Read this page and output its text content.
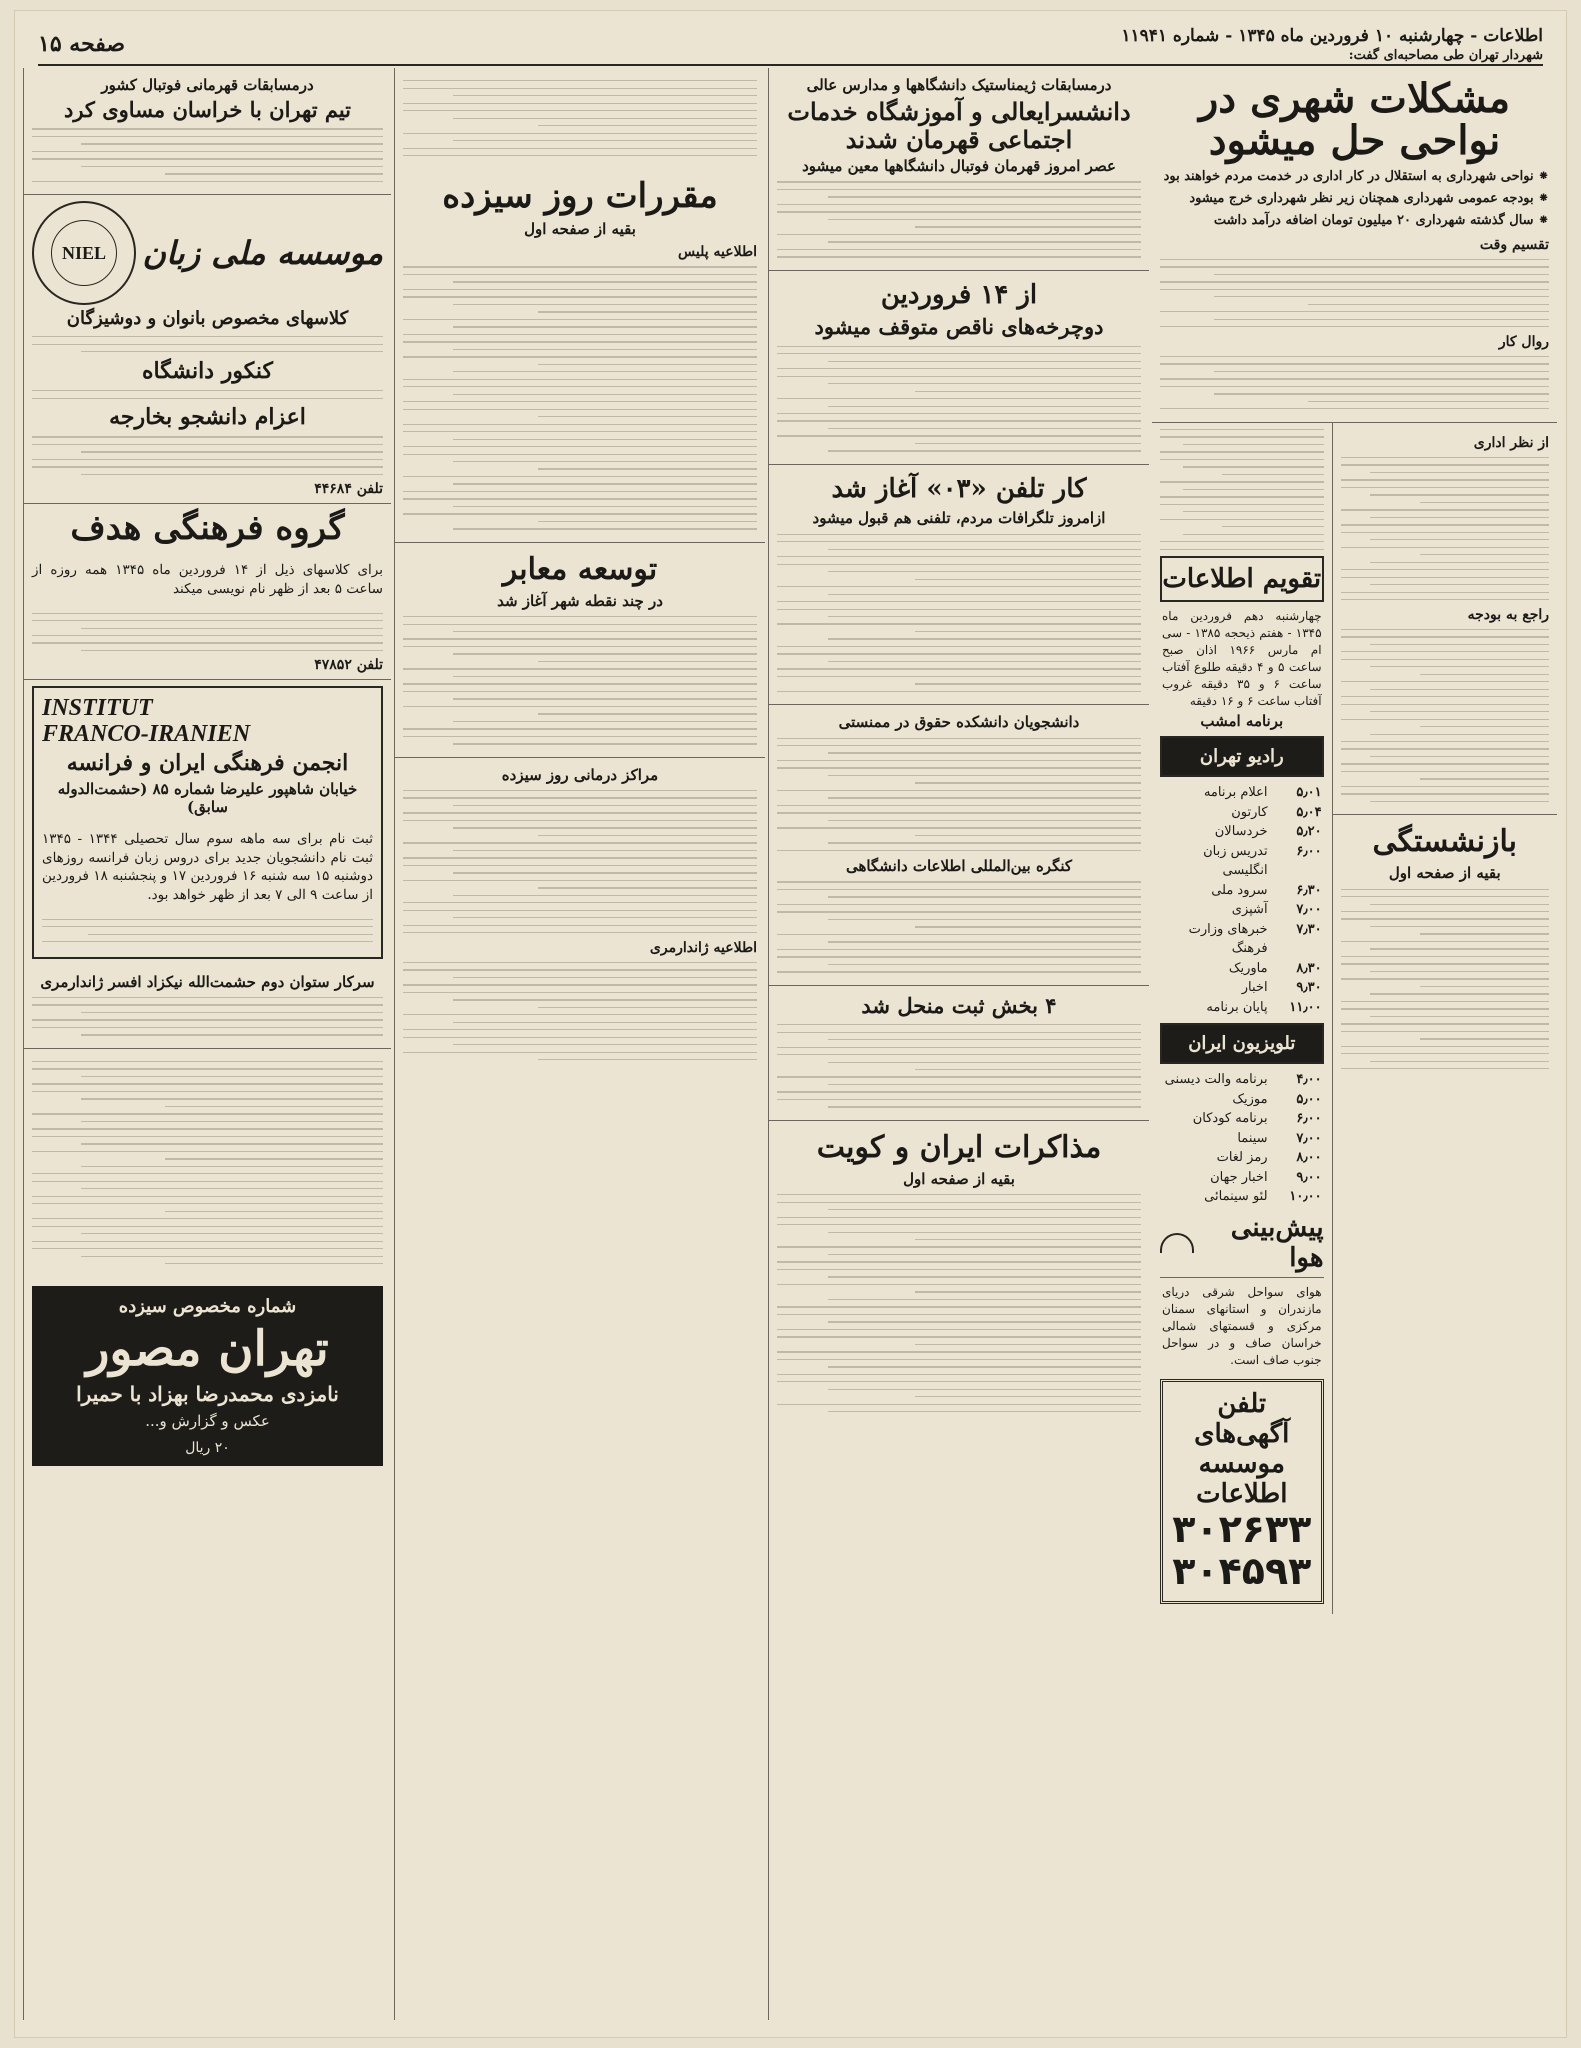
اطلاعات - چهارشنبه ۱۰ فروردین ماه ۱۳۴۵ - شماره ۱۱۹۴۱
شهردار تهران طی مصاحبه‌ای گفت:
صفحه ۱۵
مشکلات شهری در نواحی حل میشود
⁕ نواحی شهرداری به استقلال در کار اداری در خدمت مردم خواهند بود
⁕ بودجه عمومی شهرداری همچنان زیر نظر شهرداری خرج میشود
⁕ سال گذشته شهرداری ۲۰ میلیون تومان اضافه درآمد داشت
تقسیم وقت
روال کار
از نظر اداری
راجع به بودجه
بازنشستگی
بقیه از صفحه اول
تقویم اطلاعات

چهارشنبه دهم فروردین ماه ۱۳۴۵ - هفتم ذیحجه ۱۳۸۵ - سی ام مارس ۱۹۶۶ اذان صبح ساعت ۵ و ۴ دقیقه طلوع آفتاب ساعت ۶ و ۳۵ دقیقه غروب آفتاب ساعت ۶ و ۱۶ دقیقه

برنامه امشب
رادیو تهران
۵٫۰۱
اعلام برنامه
۵٫۰۴
کارتون
۵٫۲۰
خردسالان
۶٫۰۰
تدریس زبان انگلیسی
۶٫۳۰
سرود ملی
۷٫۰۰
آشپزی
۷٫۳۰
خبرهای وزارت فرهنگ
۸٫۳۰
ماوریک
۹٫۳۰
اخبار
۱۱٫۰۰
پایان برنامه
تلویزیون ایران
۴٫۰۰
برنامه والت دیسنی
۵٫۰۰
موزیک
۶٫۰۰
برنامه کودکان
۷٫۰۰
سینما
۸٫۰۰
رمز لغات
۹٫۰۰
اخبار جهان
۱۰٫۰۰
لئو سینمائی
پیش‌بینی هوا

هوای سواحل شرقی دریای مازندران و استانهای سمنان مرکزی و قسمتهای شمالی خراسان صاف و در سواحل جنوب صاف است.

تلفن آگهی‌های موسسه اطلاعات
۳۰۲۶۳۳
۳۰۴۵۹۳
درمسابقات ژیمناستیک دانشگاهها و مدارس عالی
دانشسرایعالی و آموزشگاه خدمات اجتماعی قهرمان شدند
عصر امروز قهرمان فوتبال دانشگاهها معین میشود
از ۱۴ فروردین
دوچرخه‌های ناقص متوقف میشود
کار تلفن «۰۳» آغاز شد
ازامروز تلگرافات مردم، تلفنی هم قبول میشود
دانشجویان دانشکده حقوق در ممنستی
کنگره بین‌المللی اطلاعات دانشگاهی
۴ بخش ثبت منحل شد
مذاکرات ایران و کویت
بقیه از صفحه اول
مقررات روز سیزده
بقیه از صفحه اول
اطلاعیه پلیس
توسعه معابر
در چند نقطه شهر آغاز شد
مراکز درمانی روز سیزده
اطلاعیه ژاندارمری
درمسابقات قهرمانی فوتبال کشور
تیم تهران با خراسان مساوی کرد
موسسه ملی زبان
NIEL
کلاسهای مخصوص بانوان و دوشیزگان
کنکور دانشگاه
اعزام دانشجو بخارجه
تلفن ۴۴۶۸۴
گروه فرهنگی هدف

برای کلاسهای ذیل از ۱۴ فروردین ماه ۱۳۴۵ همه روزه از ساعت ۵ بعد از ظهر نام نویسی میکند

تلفن ۴۷۸۵۲
INSTITUT
FRANCO-IRANIEN
انجمن فرهنگی ایران و فرانسه
خیابان شاهپور علیرضا شماره ۸۵ (حشمت‌الدوله سابق)

ثبت نام برای سه ماهه سوم سال تحصیلی ۱۳۴۴ - ۱۳۴۵ ثبت نام دانشجویان جدید برای دروس زبان فرانسه روزهای دوشنبه ۱۵ سه شنبه ۱۶ فروردین ۱۷ و پنجشنبه ۱۸ فروردین از ساعت ۹ الی ۷ بعد از ظهر خواهد بود.

سرکار ستوان دوم حشمت‌الله نیکزاد افسر ژاندارمری
شماره مخصوص سیزده
تهران مصور
نامزدی محمدرضا بهزاد با حمیرا
عکس و گزارش و...
۲۰ ریال
